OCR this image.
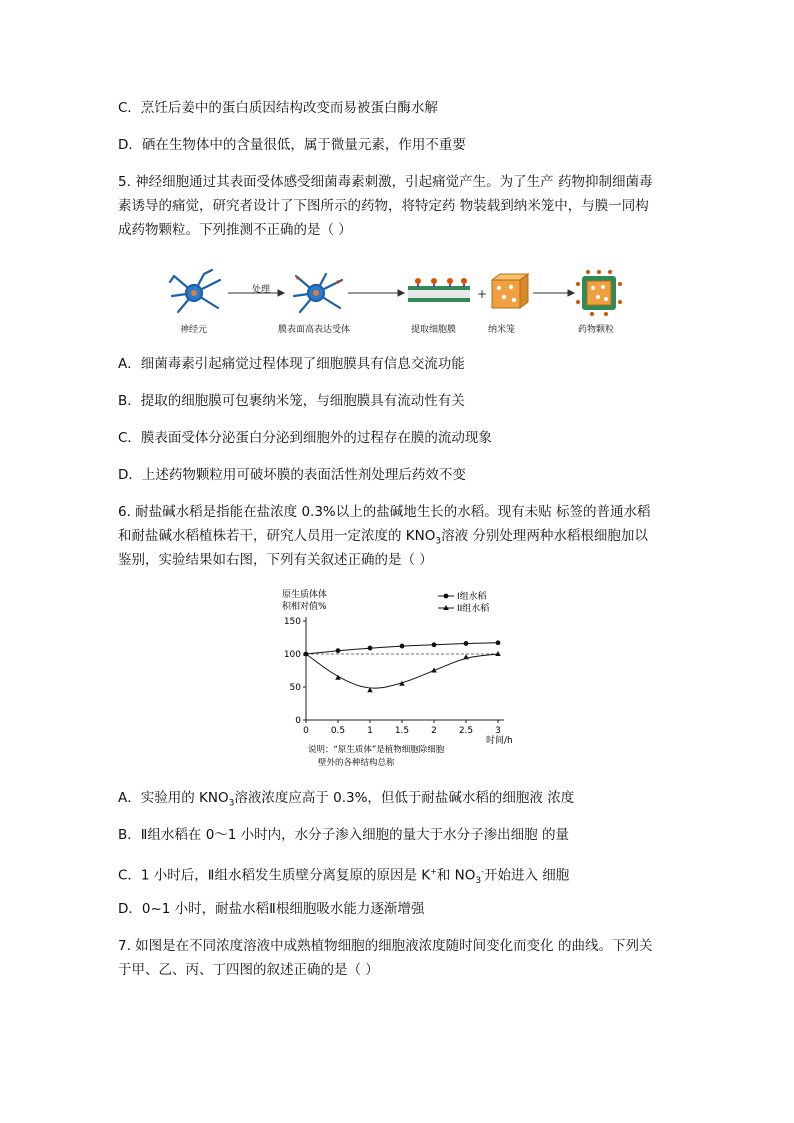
C．烹饪后姜中的蛋白质因结构改变而易被蛋白酶水解
D．硒在生物体中的含量很低，属于微量元素，作用不重要
5. 神经细胞通过其表面受体感受细菌毒素刺激，引起痛觉产生。为了生产 药物抑制细菌毒
素诱导的痛觉，研究者设计了下图所示的药物，将特定药 物装载到纳米笼中，与膜一同构
成药物颗粒。下列推测不正确的是（ ）
+
处理
神经元	膜表面高表达受体	提取细胞膜	纳米笼	药物颗粒
A．细菌毒素引起痛觉过程体现了细胞膜具有信息交流功能
B．提取的细胞膜可包裹纳米笼，与细胞膜具有流动性有关
C．膜表面受体分泌蛋白分泌到细胞外的过程存在膜的流动现象
D．上述药物颗粒用可破坏膜的表面活性剂处理后药效不变
6. 耐盐碱水稻是指能在盐浓度 0.3%以上的盐碱地生长的水稻。现有未贴 标签的普通水稻
和耐盐碱水稻植株若干，研究人员用一定浓度的 $KNO_3$溶液 分别处理两种水稻根细胞加以
鉴别，实验结果如右图，下列有关叙述正确的是（ ）
原生质体体
积相对值%
I组水稻
II组水稻
0
50
100
150
0 0.5 1 1.5 2 2.5 3
时间/h
说明：“原生质体”是植物细胞除细胞
壁外的各种结构总称
A．实验用的 $KNO_3$溶液浓度应高于 0.3%，但低于耐盐碱水稻的细胞液 浓度
B．Ⅱ组水稻在 0～1 小时内，水分子渗入细胞的量大于水分子渗出细胞 的量
C．1 小时后，Ⅱ组水稻发生质壁分离复原的原因是 K+和 $NO_3^-$开始进入 细胞
D．0~1 小时，耐盐水稻Ⅱ根细胞吸水能力逐渐增强
7. 如图是在不同浓度溶液中成熟植物细胞的细胞液浓度随时间变化而变化 的曲线。下列关
于甲、乙、丙、丁四图的叙述正确的是（ ）
